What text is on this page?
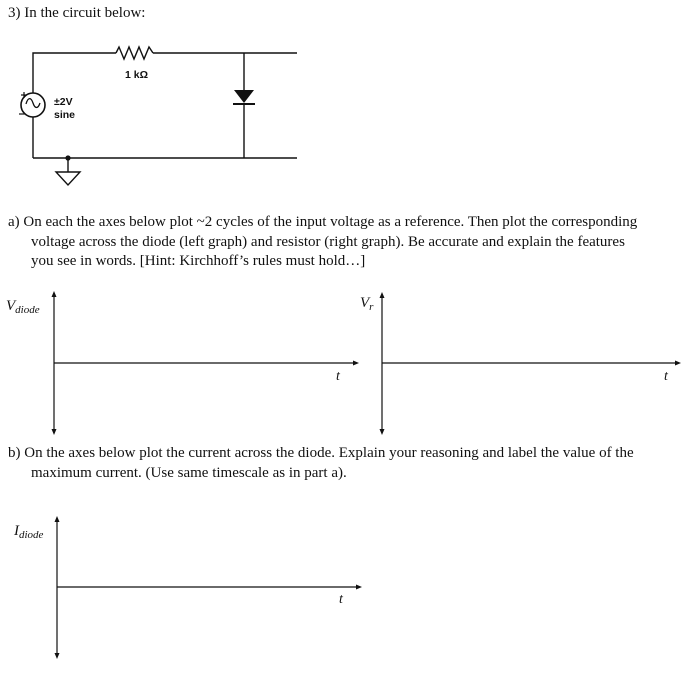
3) In the circuit below:
1 kΩ
±2V
sine
a) On each the axes below plot ~2 cycles of the input voltage as a reference. Then plot the corresponding
voltage across the diode (left graph) and resistor (right graph). Be accurate and explain the features
you see in words. [Hint: Kirchhoff’s rules must hold…]
$V_{diode}$
t
$V_r$
t
b) On the axes below plot the current across the diode. Explain your reasoning and label the value of the
maximum current. (Use same timescale as in part a).
$I_{diode}$
t
